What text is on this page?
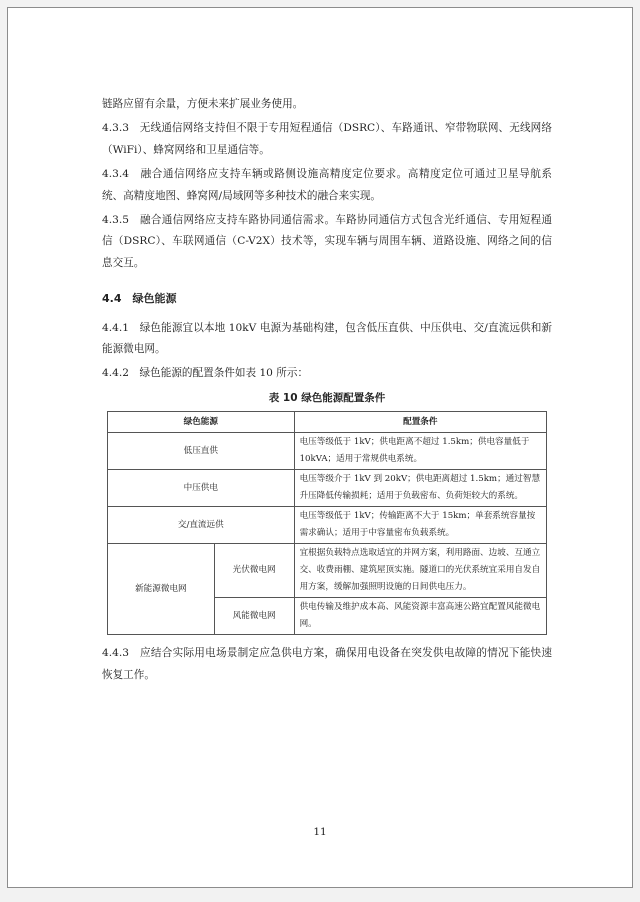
链路应留有余量，方便未来扩展业务使用。

4.3.3　无线通信网络支持但不限于专用短程通信（DSRC）、车路通讯、窄带物联网、无线网络（WiFi）、蜂窝网络和卫星通信等。

4.3.4　融合通信网络应支持车辆或路侧设施高精度定位要求。高精度定位可通过卫星导航系统、高精度地图、蜂窝网/局域网等多种技术的融合来实现。

4.3.5　融合通信网络应支持车路协同通信需求。车路协同通信方式包含光纤通信、专用短程通信（DSRC）、车联网通信（C-V2X）技术等，实现车辆与周围车辆、道路设施、网络之间的信息交互。

4.4　绿色能源

4.4.1　绿色能源宜以本地 10kV 电源为基础构建，包含低压直供、中压供电、交/直流远供和新能源微电网。

4.4.2　绿色能源的配置条件如表 10 所示：

表 10 绿色能源配置条件
绿色能源		配置条件
低压直供		电压等级低于 1kV；供电距离不超过 1.5km；供电容量低于 10kVA；适用于常规供电系统。
中压供电		电压等级介于 1kV 到 20kV；供电距离超过 1.5km；通过智慧升压降低传输损耗；适用于负载密布、负荷矩较大的系统。
交/直流远供		电压等级低于 1kV；传输距离不大于 15km；单套系统容量按需求确认；适用于中容量密布负载系统。
新能源微电网	光伏微电网	宜根据负载特点选取适宜的并网方案，利用路面、边坡、互通立交、收费雨棚、建筑屋顶实施。隧道口的光伏系统宜采用自发自用方案，缓解加强照明设施的日间供电压力。
	风能微电网	供电传输及维护成本高、风能资源丰富高速公路宜配置风能微电网。

4.4.3　应结合实际用电场景制定应急供电方案，确保用电设备在突发供电故障的情况下能快速恢复工作。

11
